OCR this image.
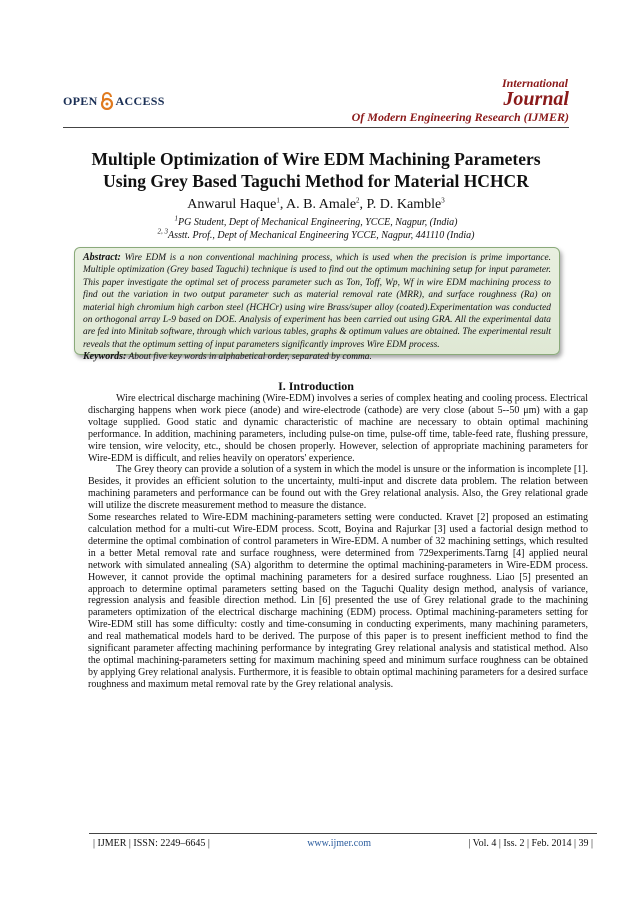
OPEN ACCESS
International
Journal
Of Modern Engineering Research (IJMER)
Multiple Optimization of Wire EDM Machining Parameters
Using Grey Based Taguchi Method for Material HCHCR
Anwarul Haque$^1$, A. B. Amale$^2$, P. D. Kamble$^3$
$^1$PG Student, Dept of Mechanical Engineering, YCCE, Nagpur, (India)
$^{2, 3}$Asstt. Prof., Dept of Mechanical Engineering YCCE, Nagpur, 441110 (India)
Abstract: Wire EDM is a non conventional machining process, which is used when the precision is prime importance. Multiple optimization (Grey based Taguchi) technique is used to find out the optimum machining setup for input parameter. This paper investigate the optimal set of process parameter such as Ton, Toff, Wp, Wf in wire EDM machining process to find out the variation in two output parameter such as material removal rate (MRR), and surface roughness (Ra) on material high chromium high carbon steel (HCHCr) using wire Brass/super alloy (coated).Experimentation was conducted on orthogonal array L-9 based on DOE. Analysis of experiment has been carried out using GRA. All the experimental data are fed into Minitab software, through which various tables, graphs & optimum values are obtained. The experimental result reveals that the optimum setting of input parameters significantly improves Wire EDM process.
Keywords: About five key words in alphabetical order, separated by comma.
I. Introduction

Wire electrical discharge machining (Wire-EDM) involves a series of complex heating and cooling process. Electrical discharging happens when work piece (anode) and wire-electrode (cathode) are very close (about 5--50 μm) with a gap voltage supplied. Good static and dynamic characteristic of machine are necessary to obtain optimal machining performance. In addition, machining parameters, including pulse-on time, pulse-off time, table-feed rate, flushing pressure, wire tension, wire velocity, etc., should be chosen properly. However, selection of appropriate machining parameters for Wire-EDM is difficult, and relies heavily on operators' experience.

The Grey theory can provide a solution of a system in which the model is unsure or the information is incomplete [1]. Besides, it provides an efficient solution to the uncertainty, multi-input and discrete data problem. The relation between machining parameters and performance can be found out with the Grey relational analysis. Also, the Grey relational grade will utilize the discrete measurement method to measure the distance.

Some researches related to Wire-EDM machining-parameters setting were conducted. Kravet [2] proposed an estimating calculation method for a multi-cut Wire-EDM process. Scott, Boyina and Rajurkar [3] used a factorial design method to determine the optimal combination of control parameters in Wire-EDM. A number of 32 machining settings, which resulted in a better Metal removal rate and surface roughness, were determined from 729experiments.Tarng [4] applied neural network with simulated annealing (SA) algorithm to determine the optimal machining-parameters in Wire-EDM process. However, it cannot provide the optimal machining parameters for a desired surface roughness. Liao [5] presented an approach to determine optimal parameters setting based on the Taguchi Quality design method, analysis of variance, regression analysis and feasible direction method. Lin [6] presented the use of Grey relational grade to the machining parameters optimization of the electrical discharge machining (EDM) process. Optimal machining-parameters setting for Wire-EDM still has some difficulty: costly and time-consuming in conducting experiments, many machining parameters, and real mathematical models hard to be derived. The purpose of this paper is to present inefficient method to find the significant parameter affecting machining performance by integrating Grey relational analysis and statistical method. Also the optimal machining-parameters setting for maximum machining speed and minimum surface roughness can be obtained by applying Grey relational analysis. Furthermore, it is feasible to obtain optimal machining parameters for a desired surface roughness and maximum metal removal rate by the Grey relational analysis.

| IJMER | ISSN: 2249–6645 |	www.ijmer.com	| Vol. 4 | Iss. 2 | Feb. 2014 | 39 |
